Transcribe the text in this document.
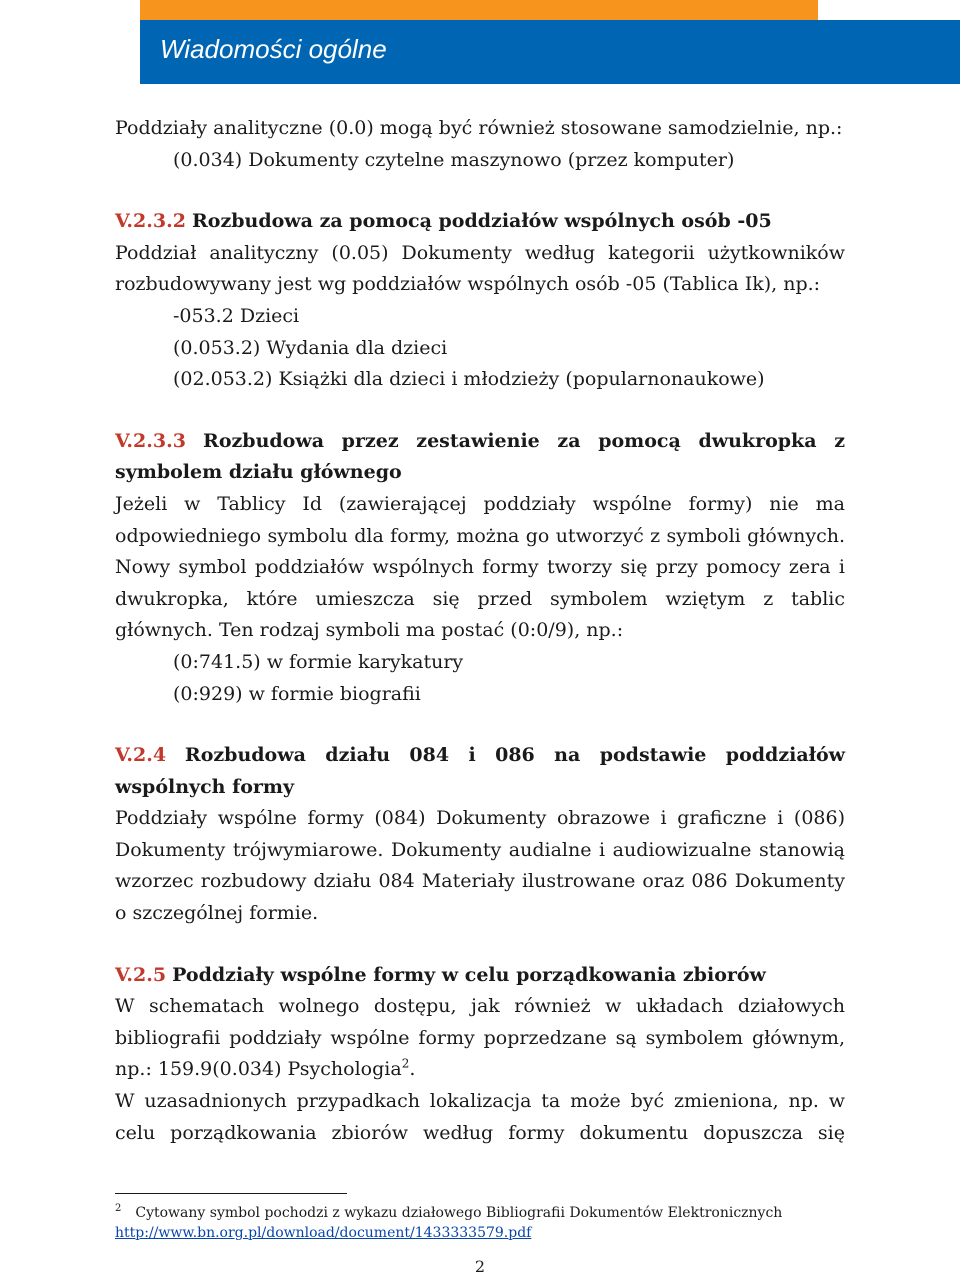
Wiadomości ogólne

Poddziały analityczne (0.0) mogą być również stosowane samodzielnie, np.:

(0.034) Dokumenty czytelne maszynowo (przez komputer)

V.2.3.2 Rozbudowa za pomocą poddziałów wspólnych osób -05

Poddział analityczny (0.05) Dokumenty według kategorii użytkowników rozbudowywany jest wg poddziałów wspólnych osób -05 (Tablica Ik), np.:

-053.2 Dzieci

(0.053.2) Wydania dla dzieci

(02.053.2) Książki dla dzieci i młodzieży (popularnonaukowe)

V.2.3.3 Rozbudowa przez zestawienie za pomocą dwukropka z symbolem działu głównego

Jeżeli w Tablicy Id (zawierającej poddziały wspólne formy) nie ma odpowiedniego symbolu dla formy, można go utworzyć z symboli głównych. Nowy symbol poddziałów wspólnych formy tworzy się przy pomocy zera i dwukropka, które umieszcza się przed symbolem wziętym z tablic głównych. Ten rodzaj symboli ma postać (0:0/9), np.:

(0:741.5) w formie karykatury

(0:929) w formie biografii

V.2.4 Rozbudowa działu 084 i 086 na podstawie poddziałów wspólnych formy

Poddziały wspólne formy (084) Dokumenty obrazowe i graficzne i (086) Dokumenty trójwymiarowe. Dokumenty audialne i audiowizualne stanowią wzorzec rozbudowy działu 084 Materiały ilustrowane oraz 086 Dokumenty o szczególnej formie.

V.2.5 Poddziały wspólne formy w celu porządkowania zbiorów

W schematach wolnego dostępu, jak również w układach działowych bibliografii poddziały wspólne formy poprzedzane są symbolem głównym, np.: 159.9(0.034) Psychologia$^2$.

W uzasadnionych przypadkach lokalizacja ta może być zmieniona, np. w celu porządkowania zbiorów według formy dokumentu dopuszcza się

$^2$ Cytowany symbol pochodzi z wykazu działowego Bibliografii Dokumentów Elektronicznych
http://www.bn.org.pl/download/document/1433333579.pdf
2
